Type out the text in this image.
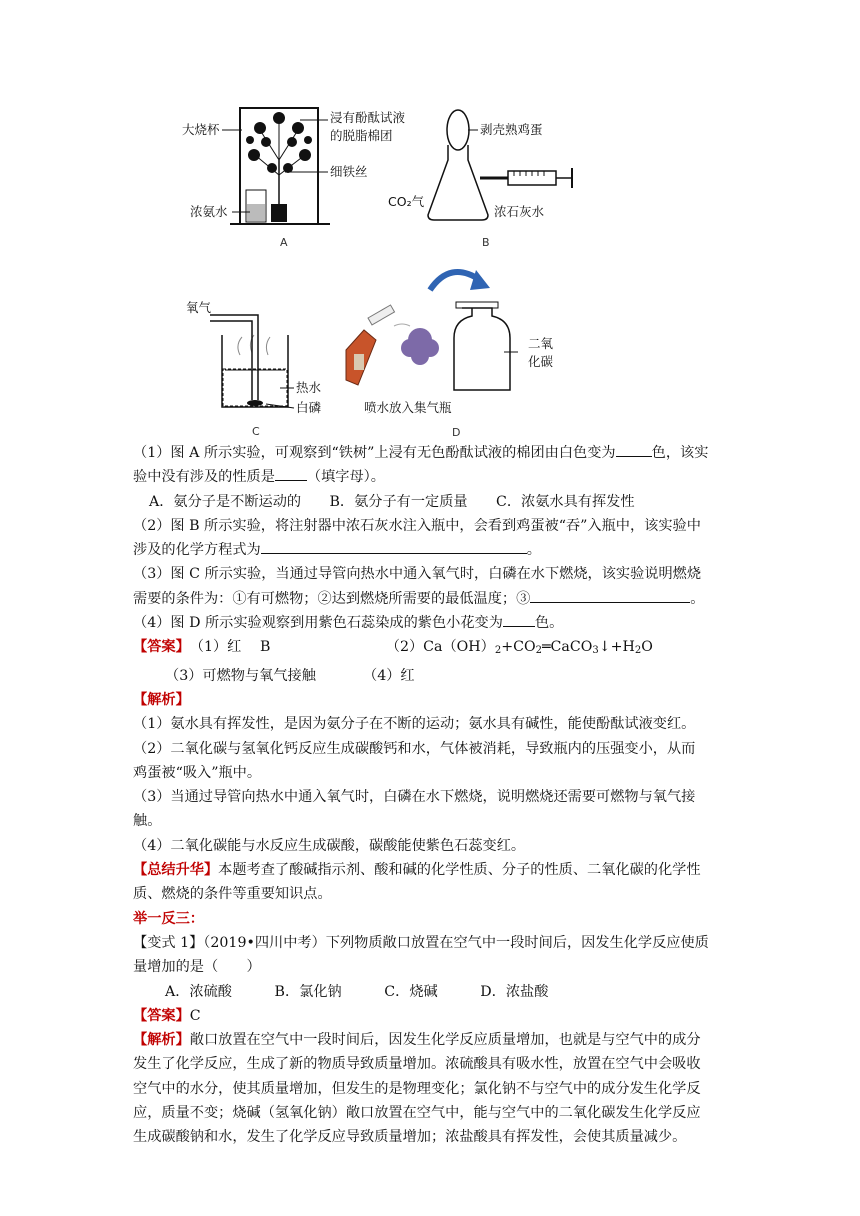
A
大烧杯
浸有酚酞试液
的脱脂棉团
细铁丝
浓氨水
B
剥壳熟鸡蛋
CO₂气
浓石灰水
C
氧气
热水
白磷
D
二氧
化碳
喷水放入集气瓶

（1）图 A 所示实验，可观察到“铁树”上浸有无色酚酞试液的棉团由白色变为	色，该实

验中没有涉及的性质是 （填字母）。

A．氨分子是不断运动的　　B．氨分子有一定质量　　C．浓氨水具有挥发性

（2）图 B 所示实验，将注射器中浓石灰水注入瓶中，会看到鸡蛋被“吞”入瓶中，该实验中

涉及的化学方程式为	。

（3）图 C 所示实验，当通过导管向热水中通入氧气时，白磷在水下燃烧，该实验说明燃烧

需要的条件为：①有可燃物；②达到燃烧所需要的最低温度；③	。

（4）图 D 所示实验观察到用紫色石蕊染成的紫色小花变为 色。

【答案】（1）红　 B	$(2)Ca(OH)_2+CO_2═CaCO_3↓+H_2O$

（3）可燃物与氧气接触	（4）红

【解析】

（1）氨水具有挥发性，是因为氨分子在不断的运动；氨水具有碱性，能使酚酞试液变红。

（2）二氧化碳与氢氧化钙反应生成碳酸钙和水，气体被消耗，导致瓶内的压强变小，从而

鸡蛋被“吸入”瓶中。

（3）当通过导管向热水中通入氧气时，白磷在水下燃烧，说明燃烧还需要可燃物与氧气接

触。

（4）二氧化碳能与水反应生成碳酸，碳酸能使紫色石蕊变红。

【总结升华】本题考查了酸碱指示剂、酸和碱的化学性质、分子的性质、二氧化碳的化学性

质、燃烧的条件等重要知识点。

举一反三：

【变式 1】（2019•四川中考）下列物质敞口放置在空气中一段时间后，因发生化学反应使质

量增加的是（　　）

A．浓硫酸　　　B．氯化钠　　　C．烧碱　　　D．浓盐酸

【答案】C

【解析】敞口放置在空气中一段时间后，因发生化学反应质量增加，也就是与空气中的成分

发生了化学反应，生成了新的物质导致质量增加。浓硫酸具有吸水性，放置在空气中会吸收

空气中的水分，使其质量增加，但发生的是物理变化；氯化钠不与空气中的成分发生化学反

应，质量不变；烧碱（氢氧化钠）敞口放置在空气中，能与空气中的二氧化碳发生化学反应

生成碳酸钠和水，发生了化学反应导致质量增加；浓盐酸具有挥发性，会使其质量减少。
